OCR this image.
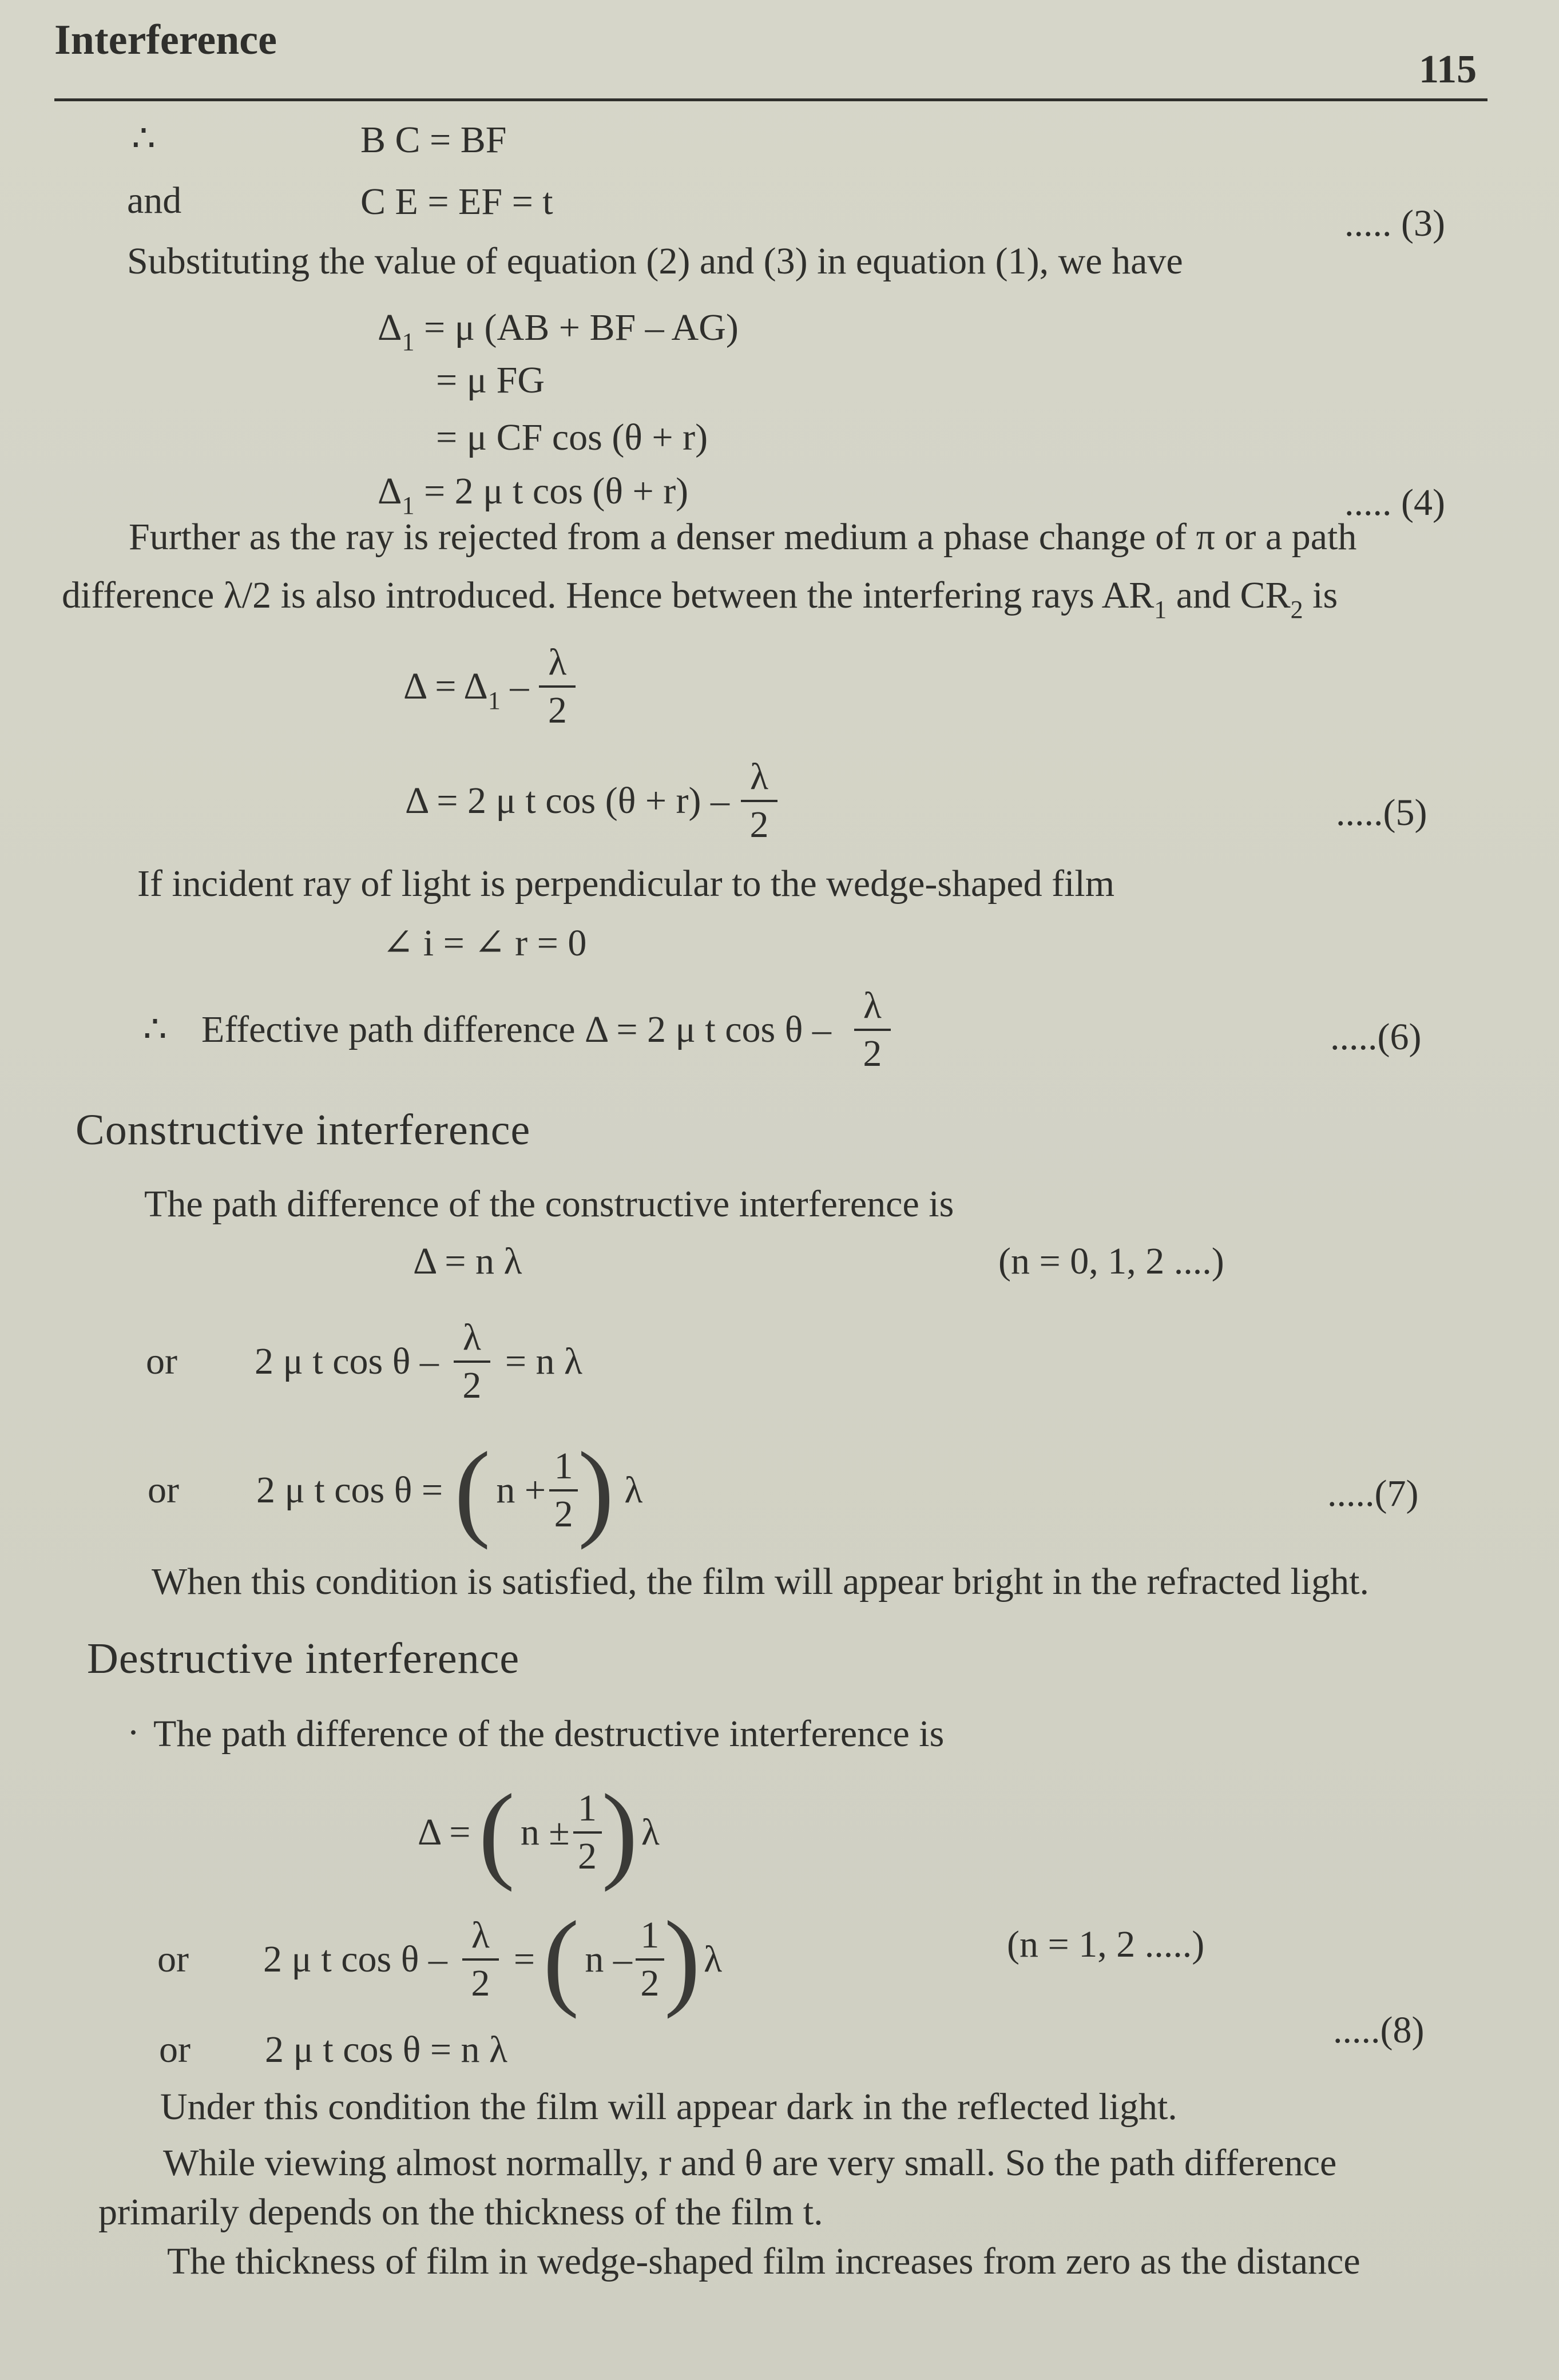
Interference
115
∴	B C = BF
and	C E = EF = t
..... (3)
Substituting the value of equation (2) and (3) in equation (1), we have
$\Delta_1 = \mu$ (AB + BF – AG)
= μ FG
= μ CF cos (θ + r)
$\Delta_1 = 2$ μ t cos (θ + r)	..... (4)
Further as the ray is rejected from a denser medium a phase change of π or a path
difference λ/2 is also introduced. Hence between the interfering rays $AR_1$ and $CR_2$ is
$\Delta = \Delta_1 - \frac{\lambda}{2}$
Δ = 2 μ t $\cos (\theta + r) - \frac{\lambda}{2}$	.....(5)
If incident ray of light is perpendicular to the wedge-shaped film
∠ i = ∠ r = 0
∴ Effective path difference Δ = 2 μ t cos θ – $\frac{\lambda}{2}$	.....(6)
Constructive interference
The path difference of the constructive interference is
Δ = n λ	(n = 0, 1, 2 ....)
or	2 μ t $\cos \theta - \frac{\lambda}{2} = n$ λ
or	2 μ t cos θ = ( $n + \frac{1}{2}$ ) λ	.....(7)
When this condition is satisfied, the film will appear bright in the refracted light.
Destructive interference
· The path difference of the destructive interference is
Δ = ( $n \pm \frac{1}{2}$ ) λ
or	2 μ t cos θ – $\frac{\lambda}{2}$ = ( n – $\frac{1}{2}$ ) λ	(n = 1, 2 .....)
or	2 μ t cos θ = n λ	.....(8)
Under this condition the film will appear dark in the reflected light.
While viewing almost normally, r and θ are very small. So the path difference
primarily depends on the thickness of the film t.
The thickness of film in wedge-shaped film increases from zero as the distance
